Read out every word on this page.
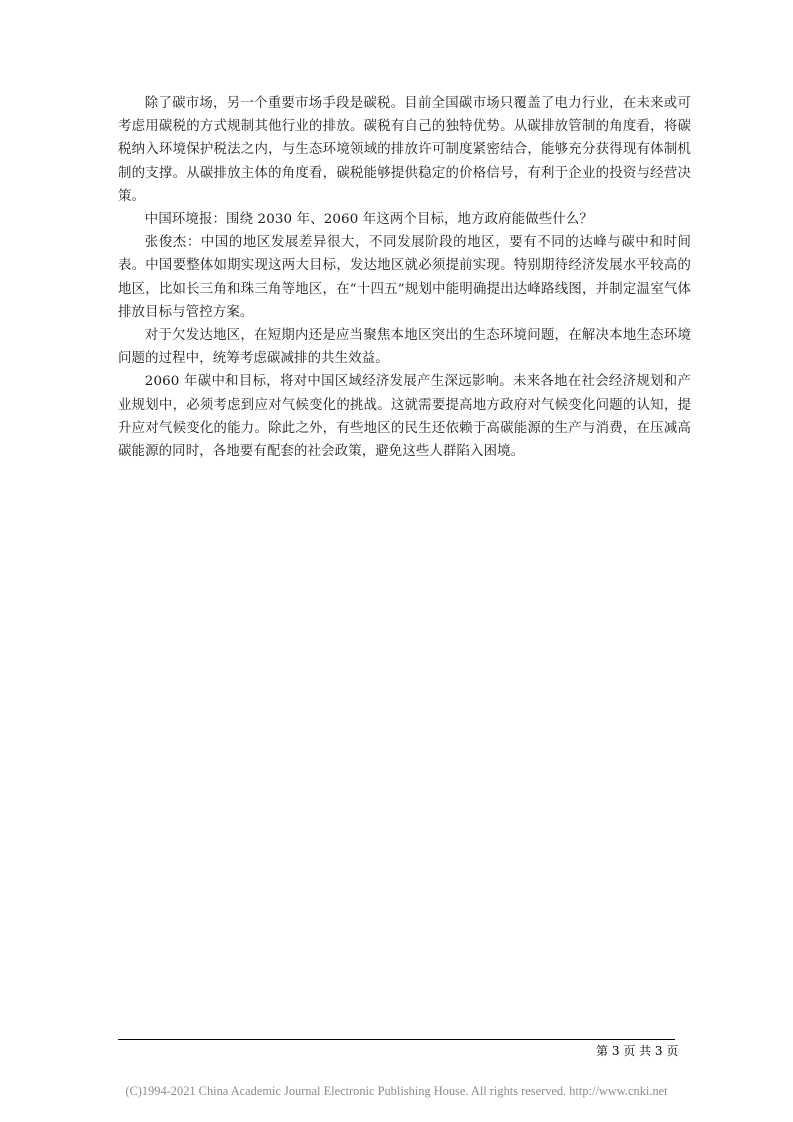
除了碳市场，另一个重要市场手段是碳税。目前全国碳市场只覆盖了电力行业，在未来或可考虑用碳税的方式规制其他行业的排放。碳税有自己的独特优势。从碳排放管制的角度看，将碳税纳入环境保护税法之内，与生态环境领域的排放许可制度紧密结合，能够充分获得现有体制机制的支撑。从碳排放主体的角度看，碳税能够提供稳定的价格信号，有利于企业的投资与经营决策。

中国环境报：围绕 2030 年、2060 年这两个目标，地方政府能做些什么？

张俊杰：中国的地区发展差异很大，不同发展阶段的地区，要有不同的达峰与碳中和时间表。中国要整体如期实现这两大目标，发达地区就必须提前实现。特别期待经济发展水平较高的地区，比如长三角和珠三角等地区，在“十四五”规划中能明确提出达峰路线图，并制定温室气体排放目标与管控方案。

对于欠发达地区，在短期内还是应当聚焦本地区突出的生态环境问题，在解决本地生态环境问题的过程中，统筹考虑碳减排的共生效益。

2060 年碳中和目标，将对中国区域经济发展产生深远影响。未来各地在社会经济规划和产业规划中，必须考虑到应对气候变化的挑战。这就需要提高地方政府对气候变化问题的认知，提升应对气候变化的能力。除此之外，有些地区的民生还依赖于高碳能源的生产与消费，在压减高碳能源的同时，各地要有配套的社会政策，避免这些人群陷入困境。

第 3 页 共 3 页
(C)1994-2021 China Academic Journal Electronic Publishing House. All rights reserved. http://www.cnki.net
